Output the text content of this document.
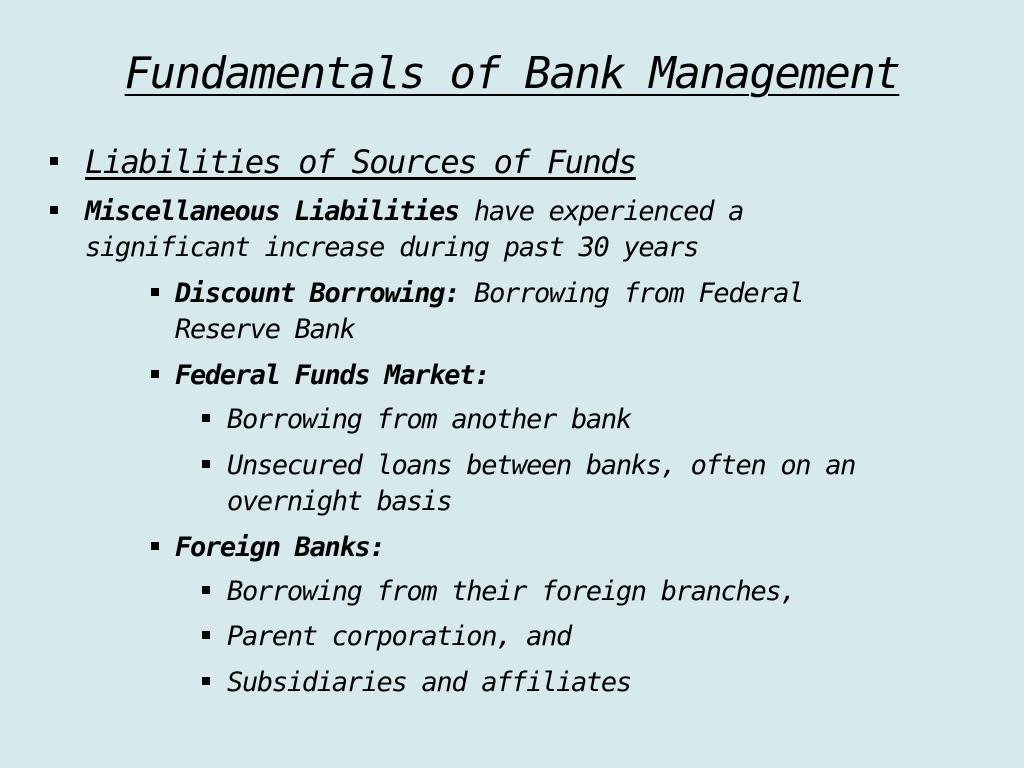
Fundamentals of Bank Management
Liabilities of Sources of Funds
Miscellaneous Liabilities have experienced a
significant increase during past 30 years
Discount Borrowing: Borrowing from Federal
Reserve Bank
Federal Funds Market:
Borrowing from another bank
Unsecured loans between banks, often on an
overnight basis
Foreign Banks:
Borrowing from their foreign branches,
Parent corporation, and
Subsidiaries and affiliates
